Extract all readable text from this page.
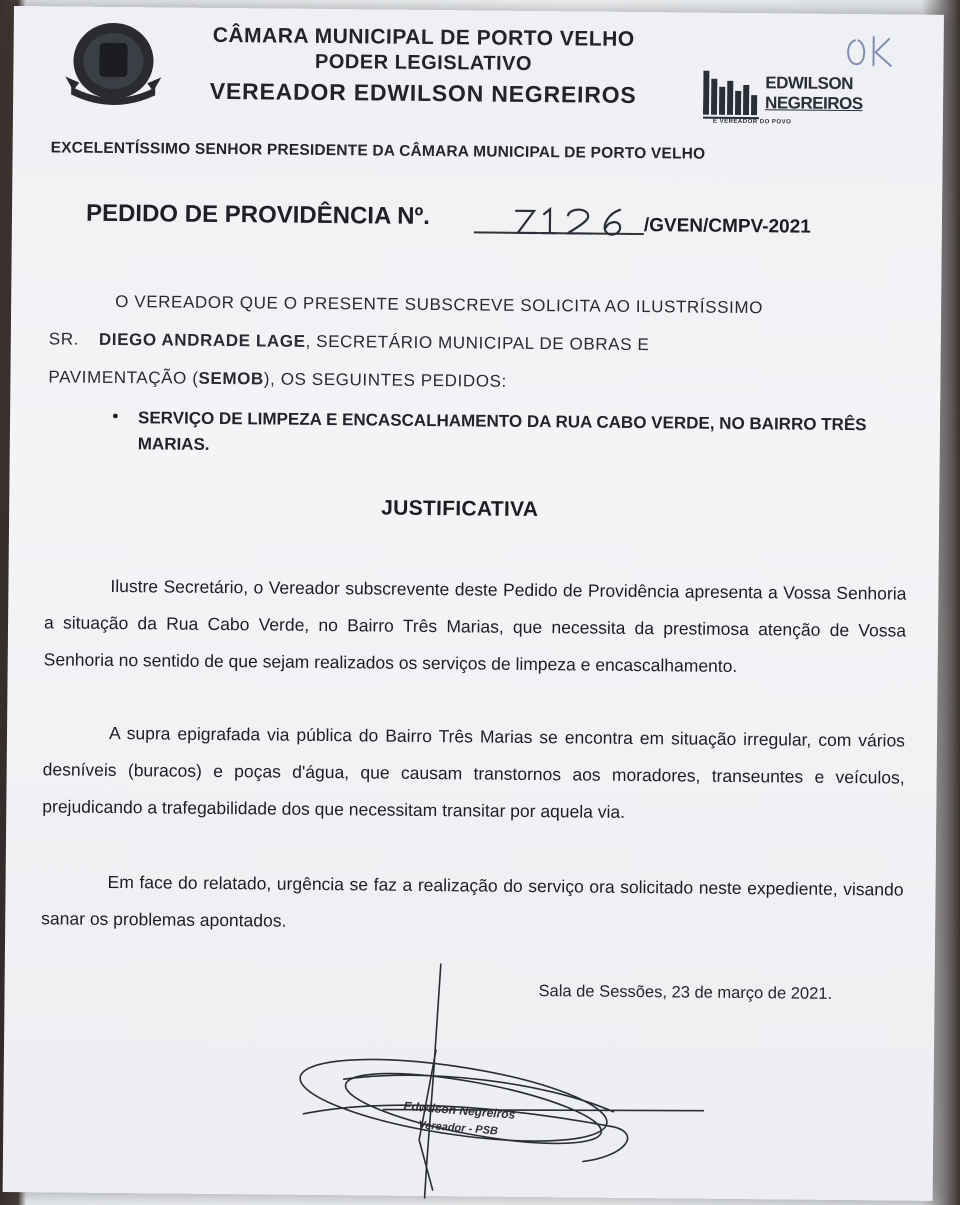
CÂMARA MUNICIPAL DE PORTO VELHO
PODER LEGISLATIVO
VEREADOR EDWILSON NEGREIROS	EDWILSON
NEGREIROS
E VEREADOR DO POVO
EXCELENTÍSSIMO SENHOR PRESIDENTE DA CÂMARA MUNICIPAL DE PORTO VELHO
PEDIDO DE PROVIDÊNCIA Nº.	/GVEN/CMPV-2021
O VEREADOR QUE O PRESENTE SUBSCREVE SOLICITA AO ILUSTRÍSSIMO
SR. DIEGO ANDRADE LAGE, SECRETÁRIO MUNICIPAL DE OBRAS E
PAVIMENTAÇÃO (SEMOB), OS SEGUINTES PEDIDOS:
● SERVIÇO DE LIMPEZA E ENCASCALHAMENTO DA RUA CABO VERDE, NO BAIRRO TRÊS MARIAS.
JUSTIFICATIVA
Ilustre Secretário, o Vereador subscrevente deste Pedido de Providência apresenta a Vossa Senhoria a situação da Rua Cabo Verde, no Bairro Três Marias, que necessita da prestimosa atenção de Vossa Senhoria no sentido de que sejam realizados os serviços de limpeza e encascalhamento.
A supra epigrafada via pública do Bairro Três Marias se encontra em situação irregular, com vários desníveis (buracos) e poças d'água, que causam transtornos aos moradores, transeuntes e veículos, prejudicando a trafegabilidade dos que necessitam transitar por aquela via.
Em face do relatado, urgência se faz a realização do serviço ora solicitado neste expediente, visando sanar os problemas apontados.
Sala de Sessões, 23 de março de 2021.
Edwilson Negreiros
Vereador - PSB
